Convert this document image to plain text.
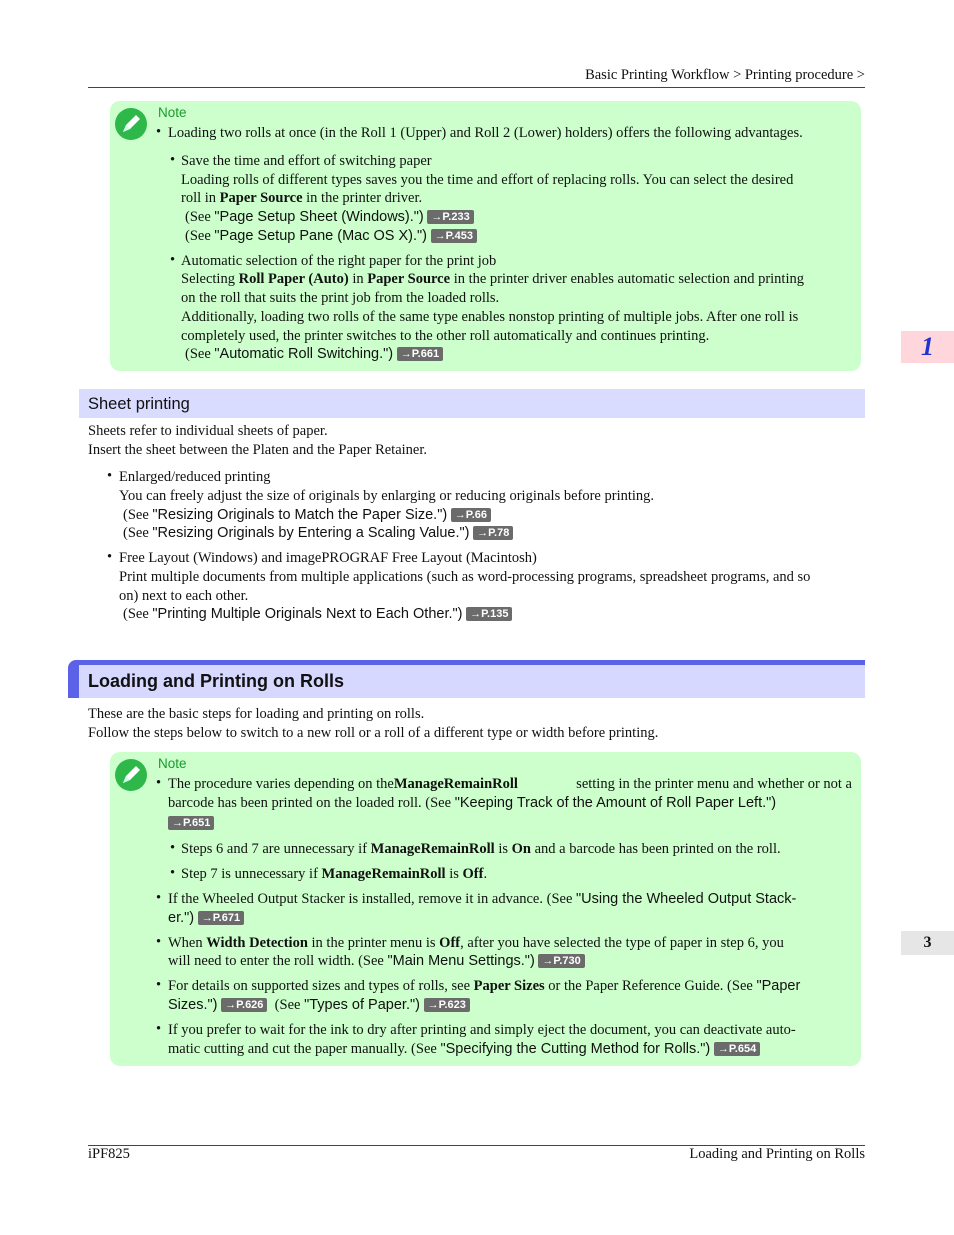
Basic Printing Workflow > Printing procedure >
1
3
Note
• Loading two rolls at once (in the Roll 1 (Upper) and Roll 2 (Lower) holders) offers the following advantages.
• Save the time and effort of switching paper
Loading rolls of different types saves you the time and effort of replacing rolls. You can select the desired
roll in Paper Source in the printer driver.
(See "Page Setup Sheet (Windows).") →P.233
(See "Page Setup Pane (Mac OS X).") →P.453
• Automatic selection of the right paper for the print job
Selecting Roll Paper (Auto) in Paper Source in the printer driver enables automatic selection and printing
on the roll that suits the print job from the loaded rolls.
Additionally, loading two rolls of the same type enables nonstop printing of multiple jobs. After one roll is
completely used, the printer switches to the other roll automatically and continues printing.
(See "Automatic Roll Switching.") →P.661
Sheet printing
Sheets refer to individual sheets of paper.
Insert the sheet between the Platen and the Paper Retainer.
• Enlarged/reduced printing
You can freely adjust the size of originals by enlarging or reducing originals before printing.
(See "Resizing Originals to Match the Paper Size.") →P.66
(See "Resizing Originals by Entering a Scaling Value.") →P.78
• Free Layout (Windows) and imagePROGRAF Free Layout (Macintosh)
Print multiple documents from multiple applications (such as word-processing programs, spreadsheet programs, and so
on) next to each other.
(See "Printing Multiple Originals Next to Each Other.") →P.135
Loading and Printing on Rolls
These are the basic steps for loading and printing on rolls.
Follow the steps below to switch to a new roll or a roll of a different type or width before printing.
Note
• The procedure varies depending on the ManageRemainRoll	setting in the printer menu and whether or not a
barcode has been printed on the loaded roll. (See "Keeping Track of the Amount of Roll Paper Left.")
→P.651
• Steps 6 and 7 are unnecessary if ManageRemainRoll is On and a barcode has been printed on the roll.
• Step 7 is unnecessary if ManageRemainRoll is Off.
• If the Wheeled Output Stacker is installed, remove it in advance. (See "Using the Wheeled Output Stack-
er.") →P.671
• When Width Detection in the printer menu is Off, after you have selected the type of paper in step 6, you
will need to enter the roll width. (See "Main Menu Settings.") →P.730
• For details on supported sizes and types of rolls, see Paper Sizes or the Paper Reference Guide. (See "Paper
Sizes.") →P.626  (See "Types of Paper.") →P.623
• If you prefer to wait for the ink to dry after printing and simply eject the document, you can deactivate auto-
matic cutting and cut the paper manually. (See "Specifying the Cutting Method for Rolls.") →P.654
iPF825	Loading and Printing on Rolls
